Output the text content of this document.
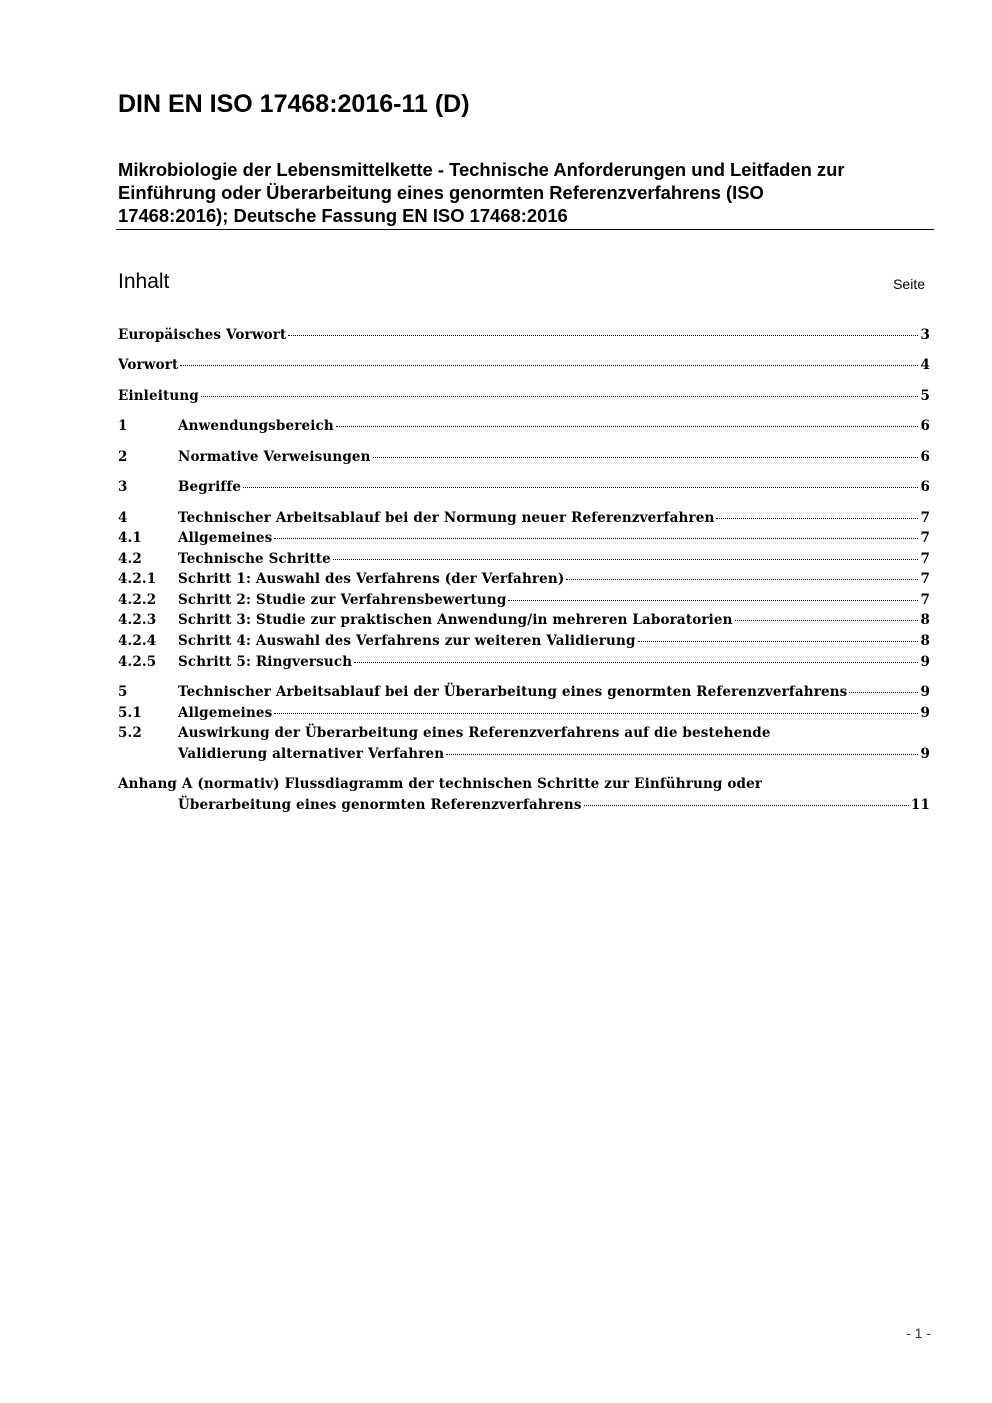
DIN EN ISO 17468:2016-11 (D)
Mikrobiologie der Lebensmittelkette - Technische Anforderungen und Leitfaden zur
Einführung oder Überarbeitung eines genormten Referenzverfahrens (ISO
17468:2016); Deutsche Fassung EN ISO 17468:2016
Inhalt	Seite
Europäisches Vorwort	3
Vorwort	4
Einleitung	5
1	Anwendungsbereich	6
2	Normative Verweisungen	6
3	Begriffe	6
4	Technischer Arbeitsablauf bei der Normung neuer Referenzverfahren	7
4.1	Allgemeines	7
4.2	Technische Schritte	7
4.2.1	Schritt 1: Auswahl des Verfahrens (der Verfahren)	7
4.2.2	Schritt 2: Studie zur Verfahrensbewertung	7
4.2.3	Schritt 3: Studie zur praktischen Anwendung/in mehreren Laboratorien	8
4.2.4	Schritt 4: Auswahl des Verfahrens zur weiteren Validierung	8
4.2.5	Schritt 5: Ringversuch	9
5	Technischer Arbeitsablauf bei der Überarbeitung eines genormten Referenzverfahrens	9
5.1	Allgemeines	9
5.2	Auswirkung der Überarbeitung eines Referenzverfahrens auf die bestehende
Validierung alternativer Verfahren	9
Anhang A (normativ) Flussdiagramm der technischen Schritte zur Einführung oder
Überarbeitung eines genormten Referenzverfahrens	11
- 1 -
